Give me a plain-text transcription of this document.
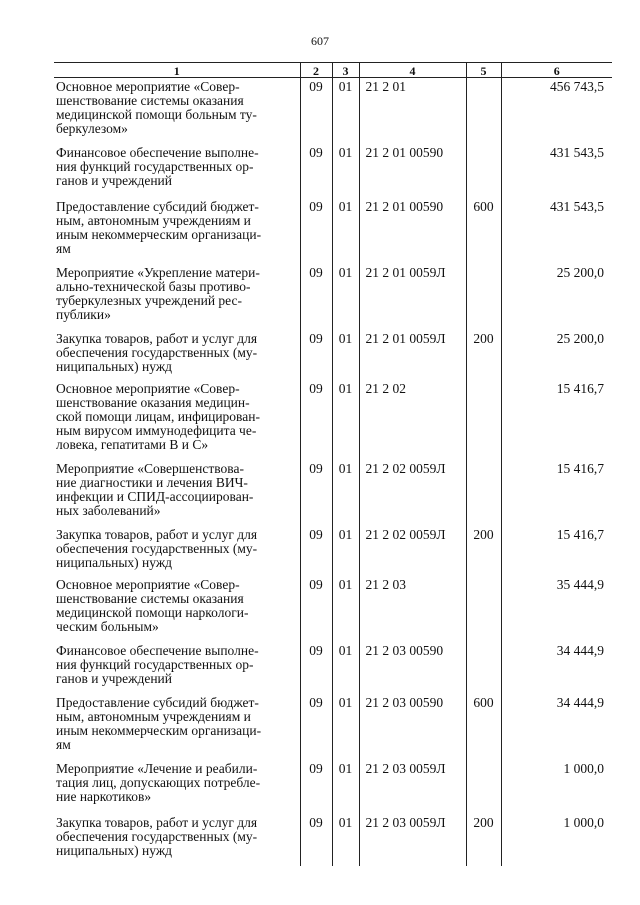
607
1	2	3	4	5	6
Основное мероприятие «Совер-
шенствование системы оказания
медицинской помощи больным ту-
беркулезом»	09	01	21 2 01		456 743,5
Финансовое обеспечение выполне-
ния функций государственных ор-
ганов и учреждений	09	01	21 2 01 00590		431 543,5
Предоставление субсидий бюджет-
ным, автономным учреждениям и
иным некоммерческим организаци-
ям	09	01	21 2 01 00590	600	431 543,5
Мероприятие «Укрепление матери-
ально-технической базы противо-
туберкулезных учреждений рес-
публики»	09	01	21 2 01 0059Л		25 200,0
Закупка товаров, работ и услуг для
обеспечения государственных (му-
ниципальных) нужд	09	01	21 2 01 0059Л	200	25 200,0
Основное мероприятие «Совер-
шенствование оказания медицин-
ской помощи лицам, инфицирован-
ным вирусом иммунодефицита че-
ловека, гепатитами В и С»	09	01	21 2 02		15 416,7
Мероприятие «Совершенствова-
ние диагностики и лечения ВИЧ-
инфекции и СПИД-ассоциирован-
ных заболеваний»	09	01	21 2 02 0059Л		15 416,7
Закупка товаров, работ и услуг для
обеспечения государственных (му-
ниципальных) нужд	09	01	21 2 02 0059Л	200	15 416,7
Основное мероприятие «Совер-
шенствование системы оказания
медицинской помощи наркологи-
ческим больным»	09	01	21 2 03		35 444,9
Финансовое обеспечение выполне-
ния функций государственных ор-
ганов и учреждений	09	01	21 2 03 00590		34 444,9
Предоставление субсидий бюджет-
ным, автономным учреждениям и
иным некоммерческим организаци-
ям	09	01	21 2 03 00590	600	34 444,9
Мероприятие «Лечение и реабили-
тация лиц, допускающих потребле-
ние наркотиков»	09	01	21 2 03 0059Л		1 000,0
Закупка товаров, работ и услуг для
обеспечения государственных (му-
ниципальных) нужд	09	01	21 2 03 0059Л	200	1 000,0
